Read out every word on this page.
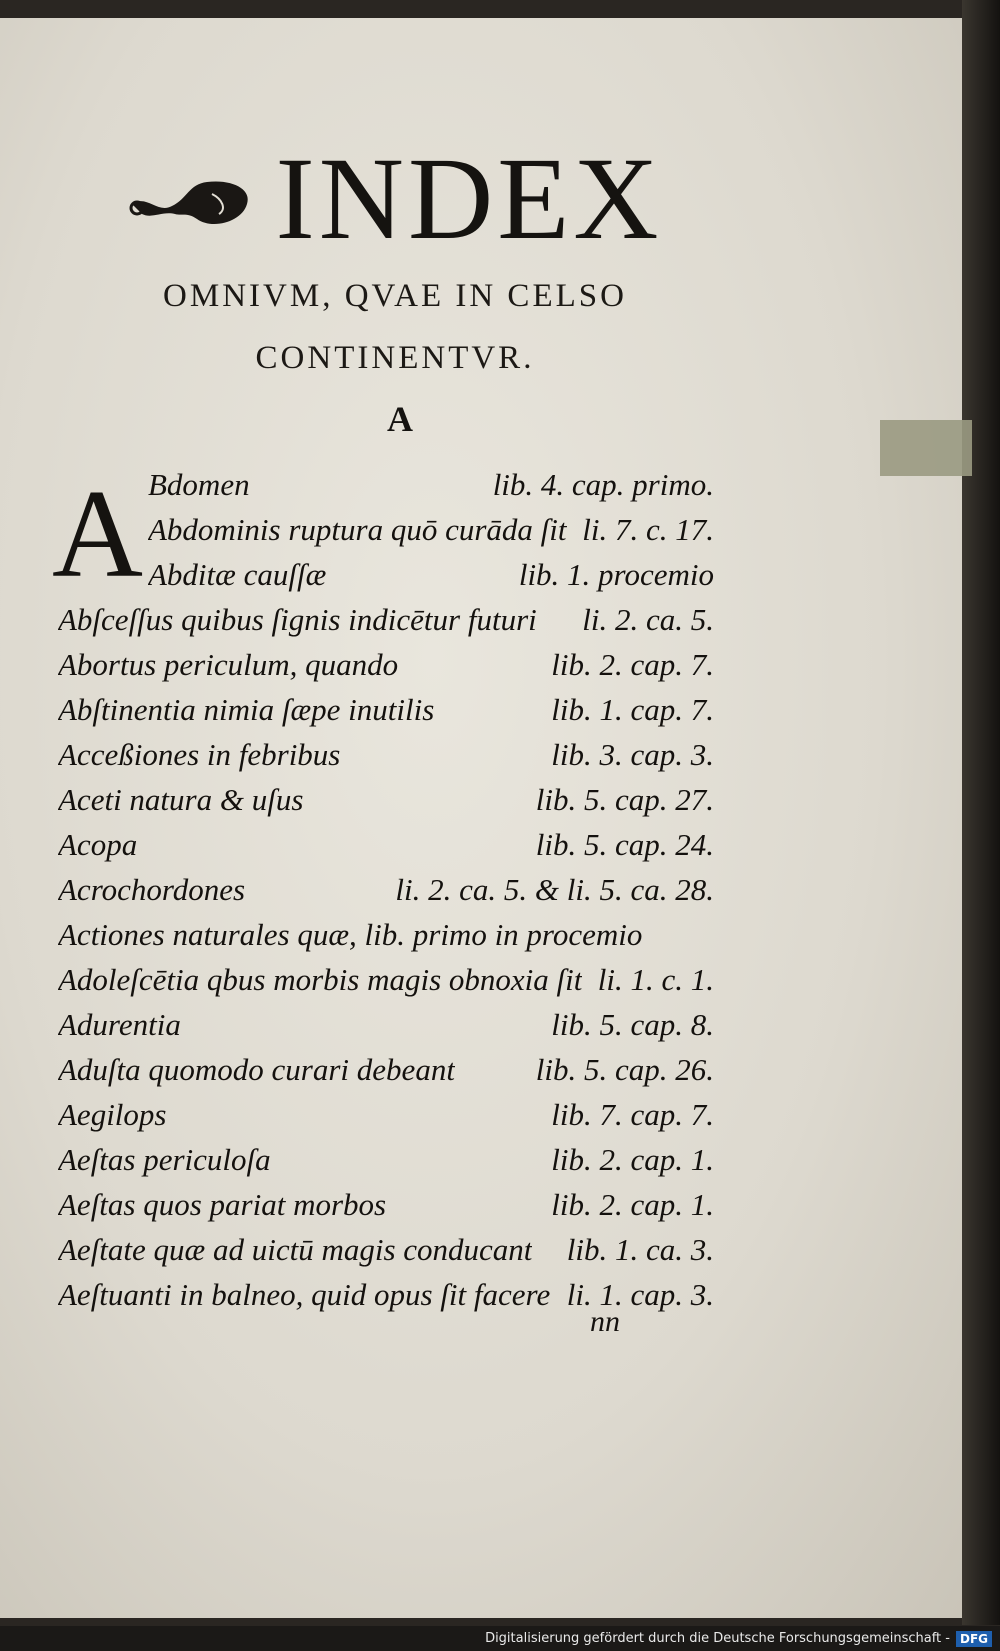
INDEX
OMNIVM, QVAE IN CELSO
CONTINENTVR.
A
A Bdomen	lib. 4. cap. primo.
Abdominis ruptura quō curāda ſit li. 7. c. 17.
Abditæ cauſſæ	lib. 1. procemio
Abſceſſus quibus ſignis indicētur futuri	li. 2. ca. 5.
Abortus periculum, quando	lib. 2. cap. 7.
Abſtinentia nimia ſæpe inutilis	lib. 1. cap. 7.
Acceßiones in febribus	lib. 3. cap. 3.
Aceti natura & uſus	lib. 5. cap. 27.
Acopa	lib. 5. cap. 24.
Acrochordones	li. 2. ca. 5. & li. 5. ca. 28.
Actiones naturales quæ, lib. primo in procemio
Adoleſcētia qbus morbis magis obnoxia ſit li. 1. c. 1.
Adurentia	lib. 5. cap. 8.
Aduſta quomodo curari debeant	lib. 5. cap. 26.
Aegilops	lib. 7. cap. 7.
Aeſtas periculoſa	lib. 2. cap. 1.
Aeſtas quos pariat morbos	lib. 2. cap. 1.
Aeſtate quæ ad uictū magis conducant	lib. 1. ca. 3.
Aeſtuanti in balneo, quid opus ſit facere li. 1. cap. 3.
nn
Digitalisierung gefördert durch die Deutsche Forschungsgemeinschaft - DFG
